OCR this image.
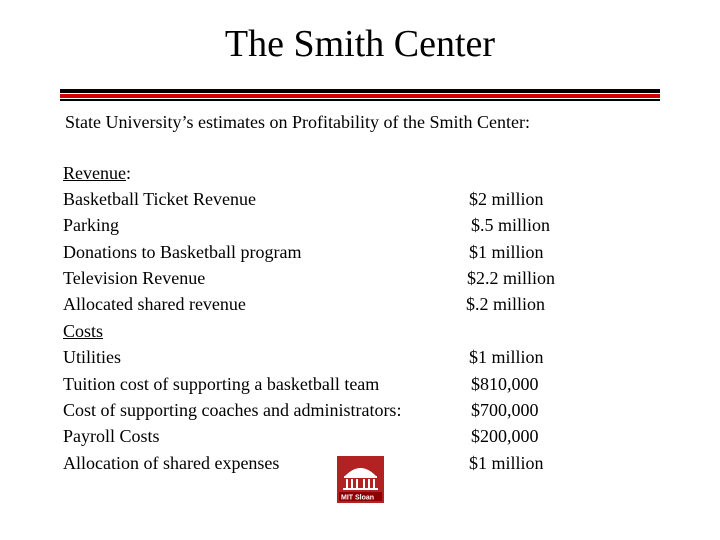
The Smith Center
State University’s estimates on Profitability of the Smith Center:
Revenue:
Basketball Ticket Revenue	$2 million
Parking	$.5 million
Donations to Basketball program	$1 million
Television Revenue	$2.2 million
Allocated shared revenue	$.2 million
Costs
Utilities	$1 million
Tuition cost of supporting a basketball team	$810,000
Cost of supporting coaches and administrators:	$700,000
Payroll Costs	$200,000
Allocation of shared expenses	$1 million
MIT Sloan
